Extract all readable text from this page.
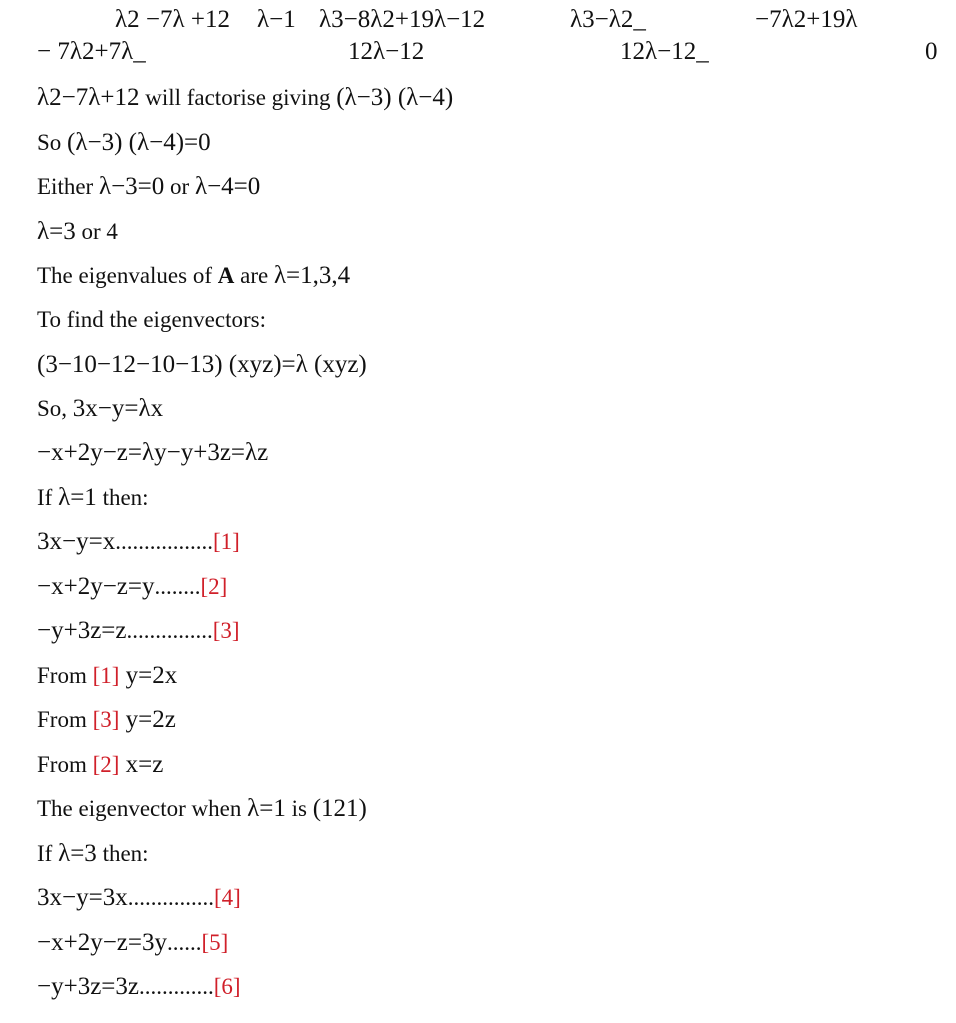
λ2 −7λ +12 λ−1 λ3−8λ2+19λ−12	λ3−λ2_	−7λ2+19λ
− 7λ2+7λ_	12λ−12	12λ−12_	0
λ2−7λ+12 will factorise giving (λ−3) (λ−4)
So (λ−3) (λ−4)=0
Either λ−3=0 or λ−4=0
λ=3 or 4
The eigenvalues of A are λ=1,3,4
To find the eigenvectors:
(3−10−12−10−13) (xyz)=λ (xyz)
So, 3x−y=λx
−x+2y−z=λy−y+3z=λz
If λ=1 then:
3x−y=x.................[1]
−x+2y−z=y........[2]
−y+3z=z...............[3]
From [1] y=2x
From [3] y=2z
From [2] x=z
The eigenvector when λ=1 is (121)
If λ=3 then:
3x−y=3x...............[4]
−x+2y−z=3y......[5]
−y+3z=3z.............[6]
